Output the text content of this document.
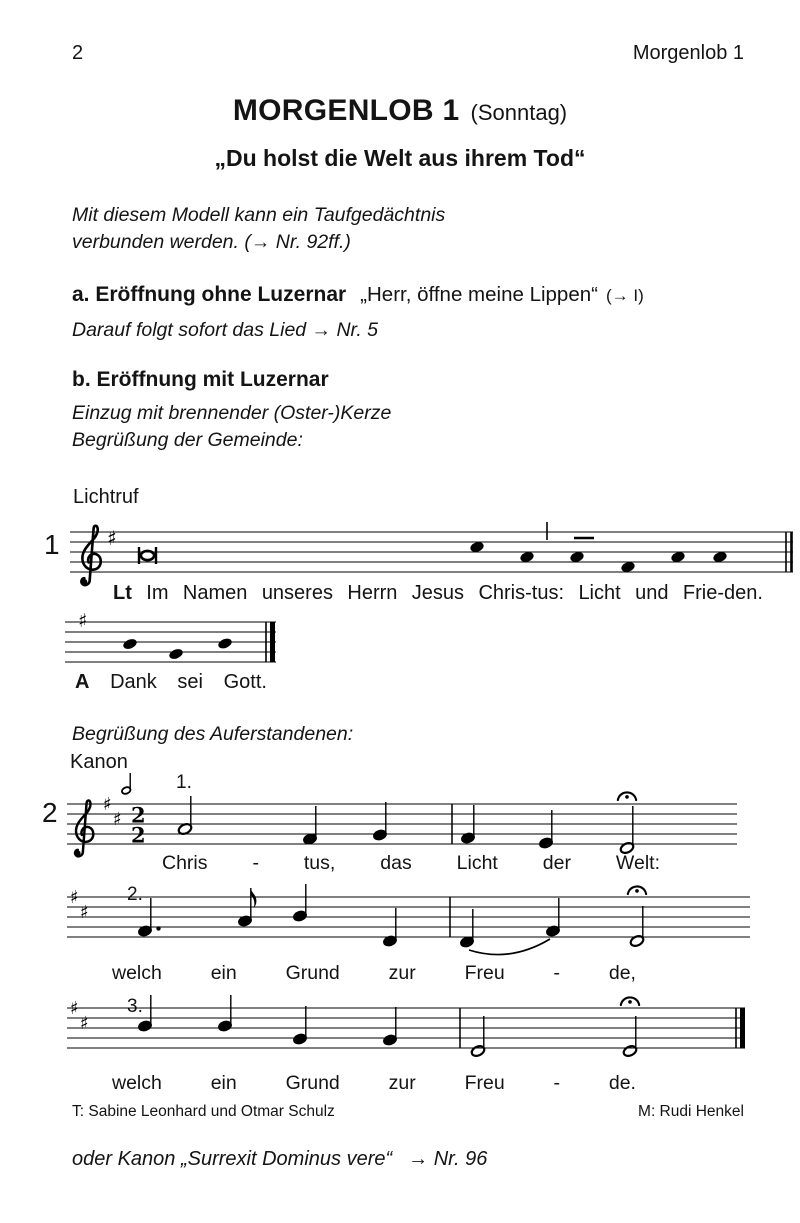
2	Morgenlob 1
MORGENLOB 1 (Sonntag)
„Du holst die Welt aus ihrem Tod“
Mit diesem Modell kann ein Taufgedächtnis
verbunden werden. (→ Nr. 92ff.)
a. Eröffnung ohne Luzernar „Herr, öffne meine Lippen“ (→ I)
Darauf folgt sofort das Lied → Nr. 5
b. Eröffnung mit Luzernar
Einzug mit brennender (Oster-)Kerze
Begrüßung der Gemeinde:
Lichtruf
1 ♯
Lt Im Namen unseres Herrn Jesus Chris-tus: Licht und Frie-den.
♯
A Dank sei Gott.
Begrüßung des Auferstandenen:
Kanon
1.
2	♯
♯ 2
2
Chris - tus, das Licht der Welt:
2.
♯
♯
welch	ein	Grund	zur	Freu	-	de,
3.
♯
♯
welch	ein	Grund	zur	Freu	-	de.
T: Sabine Leonhard und Otmar Schulz	M: Rudi Henkel
oder Kanon „Surrexit Dominus vere“ → Nr. 96
